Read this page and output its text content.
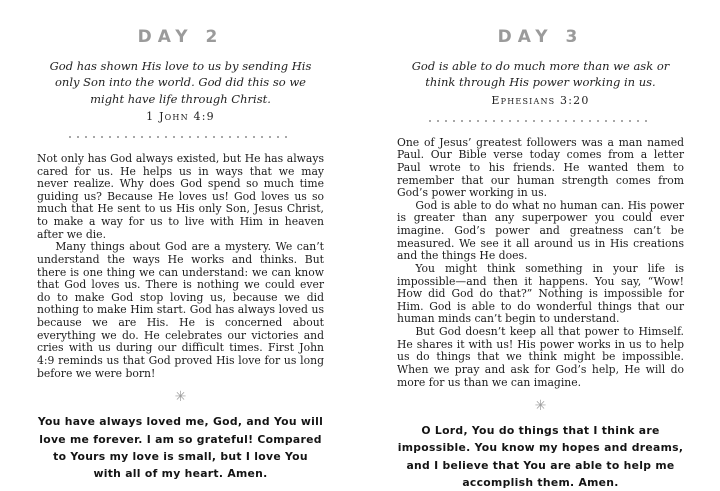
DAY 2

God has shown His love to us by sending His only Son into the world. God did this so we might have life through Christ.

1 John 4:9

Not only has God always existed, but He has always cared for us. He helps us in ways that we may never realize. Why does God spend so much time guiding us? Because He loves us! God loves us so much that He sent to us His only Son, Jesus Christ, to make a way for us to live with Him in heaven after we die.

Many things about God are a mystery. We can’t understand the ways He works and thinks. But there is one thing we can understand: we can know that God loves us. There is nothing we could ever do to make God stop loving us, because we did nothing to make Him start. God has always loved us because we are His. He is concerned about everything we do. He celebrates our victories and cries with us during our difficult times. First John 4:9 reminds us that God proved His love for us long before we were born!

✳

You have always loved me, God, and You will love me forever. I am so grateful! Compared to Yours my love is small, but I love You with all of my heart. Amen.

DAY 3

God is able to do much more than we ask or think through His power working in us.

Ephesians 3:20

One of Jesus’ greatest followers was a man named Paul. Our Bible verse today comes from a letter Paul wrote to his friends. He wanted them to remember that our human strength comes from God’s power working in us.

God is able to do what no human can. His power is greater than any superpower you could ever imagine. God’s power and greatness can’t be measured. We see it all around us in His creations and the things He does.

You might think something in your life is impossible—and then it happens. You say, “Wow! How did God do that?” Nothing is impossible for Him. God is able to do wonderful things that our human minds can’t begin to understand.

But God doesn’t keep all that power to Himself. He shares it with us! His power works in us to help us do things that we think might be impossible. When we pray and ask for God’s help, He will do more for us than we can imagine.

✳

O Lord, You do things that I think are impossible. You know my hopes and dreams, and I believe that You are able to help me accomplish them. Amen.
